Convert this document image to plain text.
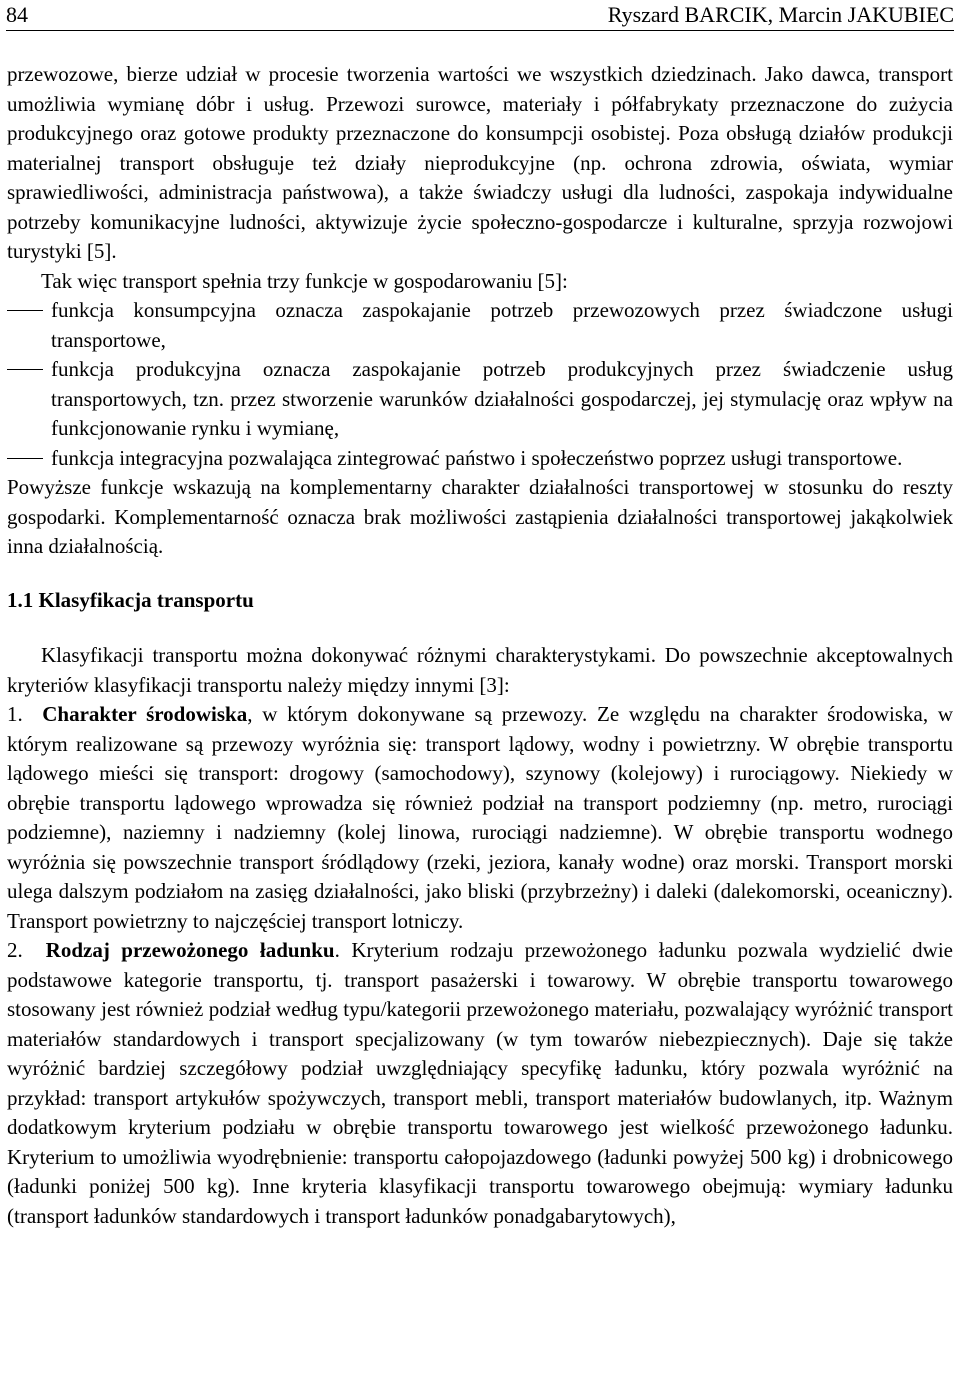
84	Ryszard BARCIK, Marcin JAKUBIEC

przewozowe, bierze udział w procesie tworzenia wartości we wszystkich dziedzinach. Jako dawca, transport umożliwia wymianę dóbr i usług. Przewozi surowce, materiały i półfabrykaty przeznaczone do zużycia produkcyjnego oraz gotowe produkty przeznaczone do konsumpcji osobistej. Poza obsługą działów produkcji materialnej transport obsługuje też działy nieprodukcyjne (np. ochrona zdrowia, oświata, wymiar sprawiedliwości, administracja państwowa), a także świadczy usługi dla ludności, zaspokaja indywidualne potrzeby komunikacyjne ludności, aktywizuje życie społeczno-gospodarcze i kulturalne, sprzyja rozwojowi turystyki [5].

Tak więc transport spełnia trzy funkcje w gospodarowaniu [5]:

funkcja konsumpcyjna oznacza zaspokajanie potrzeb przewozowych przez świadczone usługi transportowe,

funkcja produkcyjna oznacza zaspokajanie potrzeb produkcyjnych przez świadczenie usług transportowych, tzn. przez stworzenie warunków działalności gospodarczej, jej stymulację oraz wpływ na funkcjonowanie rynku i wymianę,

funkcja integracyjna pozwalająca zintegrować państwo i społeczeństwo poprzez usługi transportowe.

Powyższe funkcje wskazują na komplementarny charakter działalności transportowej w stosunku do reszty gospodarki. Komplementarność oznacza brak możliwości zastąpienia działalności transportowej jakąkolwiek inna działalnością.

1.1 Klasyfikacja transportu

Klasyfikacji transportu można dokonywać różnymi charakterystykami. Do powszechnie akceptowalnych kryteriów klasyfikacji transportu należy między innymi [3]:

1. Charakter środowiska, w którym dokonywane są przewozy. Ze względu na charakter środowiska, w którym realizowane są przewozy wyróżnia się: transport lądowy, wodny i powietrzny. W obrębie transportu lądowego mieści się transport: drogowy (samochodowy), szynowy (kolejowy) i rurociągowy. Niekiedy w obrębie transportu lądowego wprowadza się również podział na transport podziemny (np. metro, rurociągi podziemne), naziemny i nadziemny (kolej linowa, rurociągi nadziemne). W obrębie transportu wodnego wyróżnia się powszechnie transport śródlądowy (rzeki, jeziora, kanały wodne) oraz morski. Transport morski ulega dalszym podziałom na zasięg działalności, jako bliski (przybrzeżny) i daleki (dalekomorski, oceaniczny). Transport powietrzny to najczęściej transport lotniczy.

2. Rodzaj przewożonego ładunku. Kryterium rodzaju przewożonego ładunku pozwala wydzielić dwie podstawowe kategorie transportu, tj. transport pasażerski i towarowy. W obrębie transportu towarowego stosowany jest również podział według typu/kategorii przewożonego materiału, pozwalający wyróżnić transport materiałów standardowych i transport specjalizowany (w tym towarów niebezpiecznych). Daje się także wyróżnić bardziej szczegółowy podział uwzględniający specyfikę ładunku, który pozwala wyróżnić na przykład: transport artykułów spożywczych, transport mebli, transport materiałów budowlanych, itp. Ważnym dodatkowym kryterium podziału w obrębie transportu towarowego jest wielkość przewożonego ładunku. Kryterium to umożliwia wyodrębnienie: transportu całopojazdowego (ładunki powyżej 500 kg) i drobnicowego (ładunki poniżej 500 kg). Inne kryteria klasyfikacji transportu towarowego obejmują: wymiary ładunku (transport ładunków standardowych i transport ładunków ponadgabarytowych),
